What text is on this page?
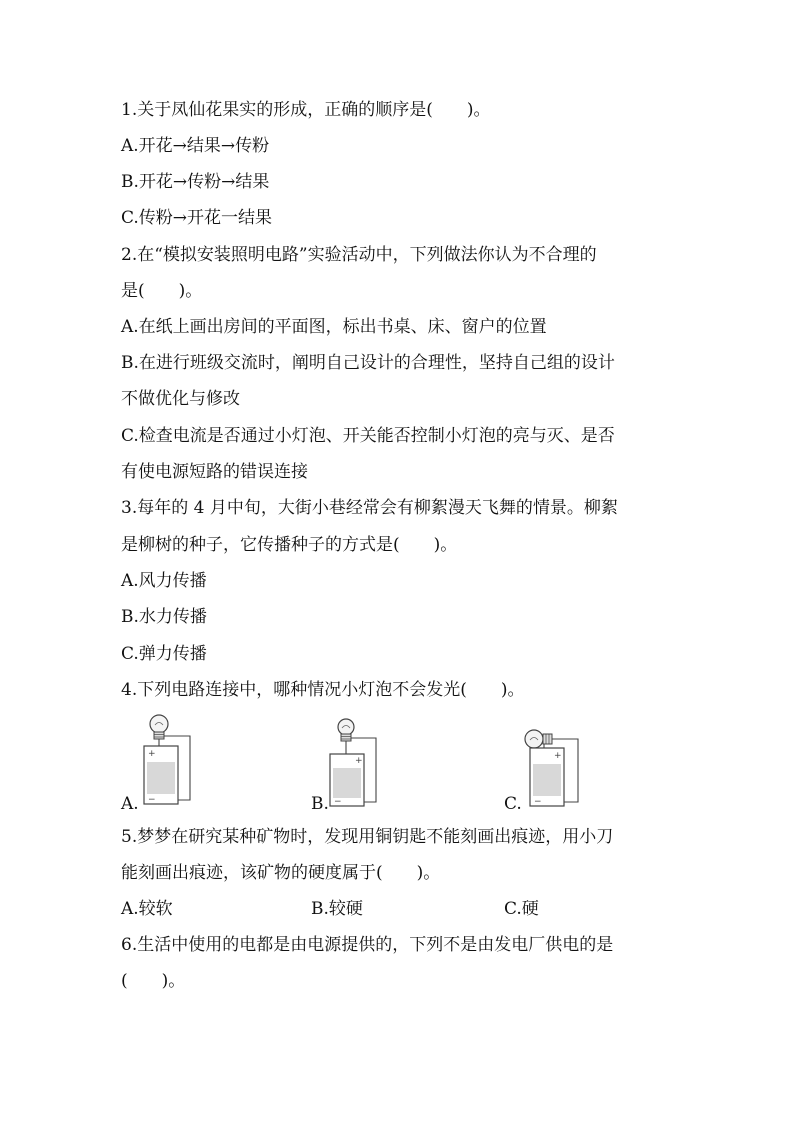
1.关于凤仙花果实的形成，正确的顺序是(　　)。
A.开花→结果→传粉
B.开花→传粉→结果
C.传粉→开花一结果
2.在“模拟安装照明电路”实验活动中，下列做法你认为不合理的
是(　　)。
A.在纸上画出房间的平面图，标出书桌、床、窗户的位置
B.在进行班级交流时，阐明自己设计的合理性，坚持自己组的设计
不做优化与修改
C.检查电流是否通过小灯泡、开关能否控制小灯泡的亮与灭、是否
有使电源短路的错误连接
3.每年的 4 月中旬，大街小巷经常会有柳絮漫天飞舞的情景。柳絮
是柳树的种子，它传播种子的方式是(　　)。
A.风力传播
B.水力传播
C.弹力传播
4.下列电路连接中，哪种情况小灯泡不会发光(　　)。
+
−
A.
+
−
B.
+
−
C.
5.梦梦在研究某种矿物时，发现用铜钥匙不能刻画出痕迹，用小刀
能刻画出痕迹，该矿物的硬度属于(　　)。
A.较软	B.较硬	C.硬
6.生活中使用的电都是由电源提供的，下列不是由发电厂供电的是
(　　)。
